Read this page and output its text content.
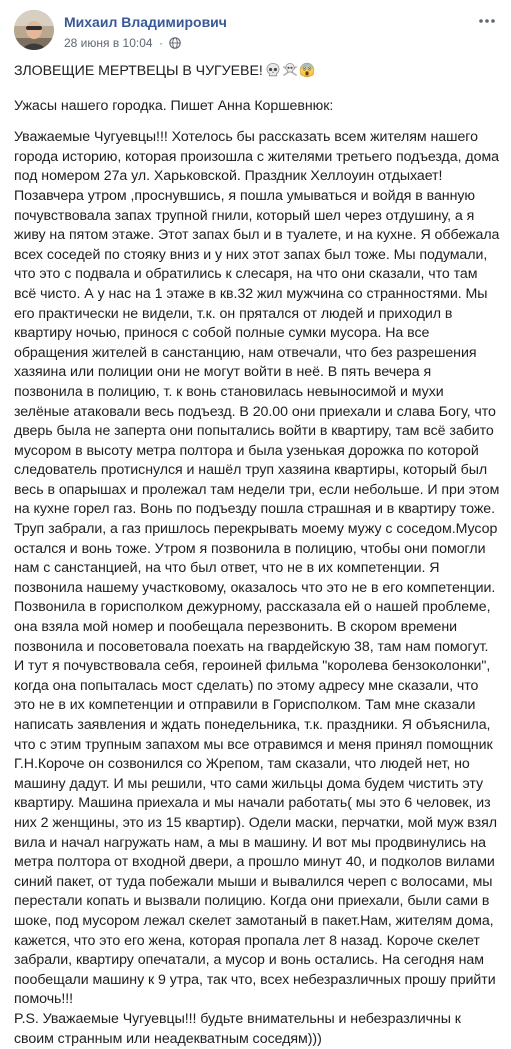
Михаил Владимирович
28 июня в 10:04 ·

ЗЛОВЕЩИЕ МЕРТВЕЦЫ В ЧУГУЕВЕ!

Ужасы нашего городка. Пишет Анна Коршевнюк:

Уважаемые Чугуевцы!!! Хотелось бы рассказать всем жителям нашего города историю, которая произошла с жителями третьего подъезда, дома под номером 27а ул. Харьковской. Праздник Хеллоуин отдыхает! Позавчера утром ,проснувшись, я пошла умываться и войдя в ванную почувствовала запах трупной гнили, который шел через отдушину, а я живу на пятом этаже. Этот запах был и в туалете, и на кухне. Я оббежала всех соседей по стояку вниз и у них этот запах был тоже. Мы подумали, что это с подвала и обратились к слесаря, на что они сказали, что там всё чисто. А у нас на 1 этаже в кв.32 жил мужчина со странностями. Мы его практически не видели, т.к. он прятался от людей и приходил в квартиру ночью, принося с собой полные сумки мусора. На все обращения жителей в санстанцию, нам отвечали, что без разрешения хазяина или полиции они не могут войти в неё. В пять вечера я позвонила в полицию, т. к вонь становилась невыносимой и мухи зелёные атаковали весь подъезд. В 20.00 они приехали и слава Богу, что дверь была не заперта они попытались войти в квартиру, там всё забито мусором в высоту метра полтора и была узенькая дорожка по которой следователь протиснулся и нашёл труп хазяина квартиры, который был весь в опарышах и пролежал там недели три, если небольше. И при этом на кухне горел газ. Вонь по подъезду пошла страшная и в квартиру тоже. Труп забрали, а газ пришлось перекрывать моему мужу с соседом.Мусор остался и вонь тоже. Утром я позвонила в полицию, чтобы они помогли нам с санстанцией, на что был ответ, что не в их компетенции. Я позвонила нашему участковому, оказалось что это не в его компетенции. Позвонила в горисполком дежурному, рассказала ей о нашей проблеме, она взяла мой номер и пообещала перезвонить. В скором времени позвонила и посоветовала поехать на гвардейскую 38, там нам помогут. И тут я почувствовала себя, героиней фильма "королева бензоколонки", когда она попыталась мост сделать) по этому адресу мне сказали, что это не в их компетенции и отправили в Горисполком. Там мне сказали написать заявления и ждать понедельника, т.к. праздники. Я объяснила, что с этим трупным запахом мы все отравимся и меня принял помощник Г.Н.Короче он созвонился со Жрепом, там сказали, что людей нет, но машину дадут. И мы решили, что сами жильцы дома будем чистить эту квартиру. Машина приехала и мы начали работать( мы это 6 человек, из них 2 женщины, это из 15 квартир). Одели маски, перчатки, мой муж взял вила и начал нагружать нам, а мы в машину. И вот мы продвинулись на метра полтора от входной двери, а прошло минут 40, и подколов вилами синий пакет, от туда побежали мыши и вывалился череп с волосами, мы перестали копать и вызвали полицию. Когда они приехали, были сами в шоке, под мусором лежал скелет замотаный в пакет.Нам, жителям дома, кажется, что это его жена, которая пропала лет 8 назад. Короче скелет забрали, квартиру опечатали, а мусор и вонь остались. На сегодня нам пообещали машину к 9 утра, так что, всех небезразличных прошу прийти помочь!!!

P.S. Уважаемые Чугуевцы!!! будьте внимательны и небезразличны к своим странным или неадекватным соседям)))
